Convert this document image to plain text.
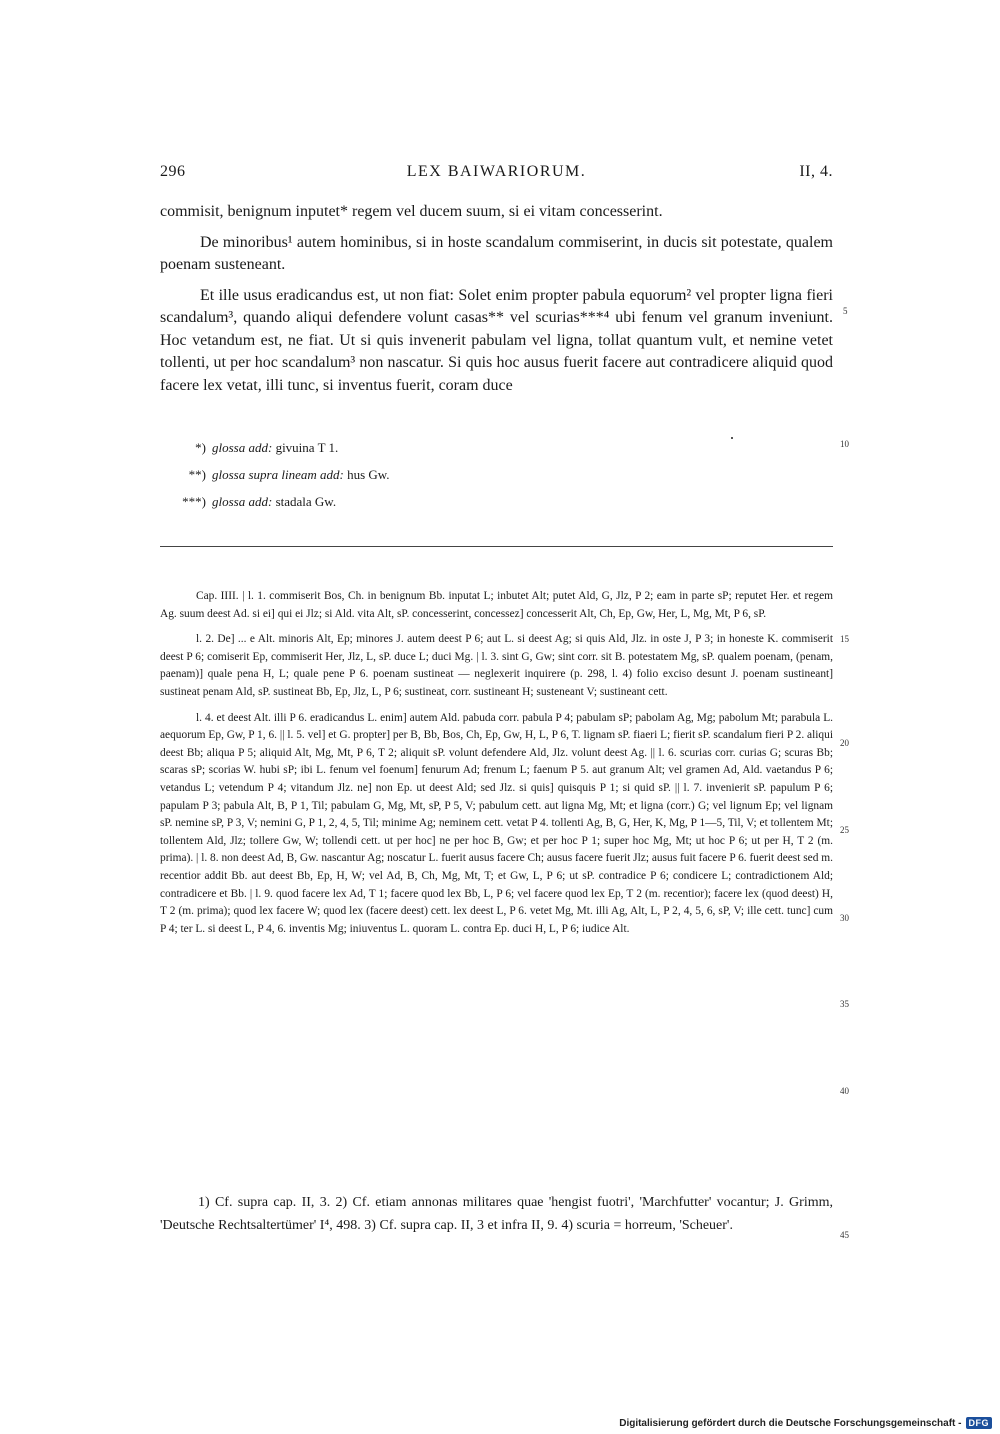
296	LEX BAIWARIORUM.	II, 4.

commisit, benignum inputet* regem vel ducem suum, si ei vitam concesserint.

De minoribus¹ autem hominibus, si in hoste scandalum commiserint, in ducis sit potestate, qualem poenam susteneant.

Et ille usus eradicandus est, ut non fiat: Solet enim propter pabula equorum² vel propter ligna fieri scandalum³, quando aliqui defendere volunt casas** vel scurias***⁴ ubi fenum vel granum inveniunt. Hoc vetandum est, ne fiat. Ut si quis invenerit pabulam vel ligna, tollat quantum vult, et nemine vetet tollenti, ut per hoc scandalum³ non nascatur. Si quis hoc ausus fuerit facere aut contradicere aliquid quod facere lex vetat, illi tunc, si inventus fuerit, coram duce

5
10
15
20
25
30
35
40
45
*) glossa add: givuina T 1.
**) glossa supra lineam add: hus Gw.
***) glossa add: stadala Gw.

Cap. IIII. | l. 1. commiserit Bos, Ch. in benignum Bb. inputat L; inbutet Alt; putet Ald, G, Jlz, P 2; eam in parte sP; reputet Her. et regem Ag. suum deest Ad. si ei] qui ei Jlz; si Ald. vita Alt, sP. concesserint, concessez] concesserit Alt, Ch, Ep, Gw, Her, L, Mg, Mt, P 6, sP.

l. 2. De] ... e Alt. minoris Alt, Ep; minores J. autem deest P 6; aut L. si deest Ag; si quis Ald, Jlz. in oste J, P 3; in honeste K. commiserit deest P 6; comiserit Ep, commiserit Her, Jlz, L, sP. duce L; duci Mg. | l. 3. sint G, Gw; sint corr. sit B. potestatem Mg, sP. qualem poenam, (penam, paenam)] quale pena H, L; quale pene P 6. poenam sustineat — neglexerit inquirere (p. 298, l. 4) folio exciso desunt J. poenam sustineant] sustineat penam Ald, sP. sustineat Bb, Ep, Jlz, L, P 6; sustineat, corr. sustineant H; susteneant V; sustineant cett.

l. 4. et deest Alt. illi P 6. eradicandus L. enim] autem Ald. pabuda corr. pabula P 4; pabulam sP; pabolam Ag, Mg; pabolum Mt; parabula L. aequorum Ep, Gw, P 1, 6. || l. 5. vel] et G. propter] per B, Bb, Bos, Ch, Ep, Gw, H, L, P 6, T. lignam sP. fiaeri L; fierit sP. scandalum fieri P 2. aliqui deest Bb; aliqua P 5; aliquid Alt, Mg, Mt, P 6, T 2; aliquit sP. volunt defendere Ald, Jlz. volunt deest Ag. || l. 6. scurias corr. curias G; scuras Bb; scaras sP; scorias W. hubi sP; ibi L. fenum vel foenum] fenurum Ad; frenum L; faenum P 5. aut granum Alt; vel gramen Ad, Ald. vaetandus P 6; vetandus L; vetendum P 4; vitandum Jlz. ne] non Ep. ut deest Ald; sed Jlz. si quis] quisquis P 1; si quid sP. || l. 7. invenierit sP. papulum P 6; papulam P 3; pabula Alt, B, P 1, Til; pabulam G, Mg, Mt, sP, P 5, V; pabulum cett. aut ligna Mg, Mt; et ligna (corr.) G; vel lignum Ep; vel lignam sP. nemine sP, P 3, V; nemini G, P 1, 2, 4, 5, Til; minime Ag; neminem cett. vetat P 4. tollenti Ag, B, G, Her, K, Mg, P 1—5, Til, V; et tollentem Mt; tollentem Ald, Jlz; tollere Gw, W; tollendi cett. ut per hoc] ne per hoc B, Gw; et per hoc P 1; super hoc Mg, Mt; ut hoc P 6; ut per H, T 2 (m. prima). | l. 8. non deest Ad, B, Gw. nascantur Ag; noscatur L. fuerit ausus facere Ch; ausus facere fuerit Jlz; ausus fuit facere P 6. fuerit deest sed m. recentior addit Bb. aut deest Bb, Ep, H, W; vel Ad, B, Ch, Mg, Mt, T; et Gw, L, P 6; ut sP. contradice P 6; condicere L; contradictionem Ald; contradicere et Bb. | l. 9. quod facere lex Ad, T 1; facere quod lex Bb, L, P 6; vel facere quod lex Ep, T 2 (m. recentior); facere lex (quod deest) H, T 2 (m. prima); quod lex facere W; quod lex (facere deest) cett. lex deest L, P 6. vetet Mg, Mt. illi Ag, Alt, L, P 2, 4, 5, 6, sP, V; ille cett. tunc] cum P 4; ter L. si deest L, P 4, 6. inventis Mg; iniuventus L. quoram L. contra Ep. duci H, L, P 6; iudice Alt.

1) Cf. supra cap. II, 3. 2) Cf. etiam annonas militares quae 'hengist fuotri', 'Marchfutter' vocantur; J. Grimm, 'Deutsche Rechtsaltertümer' I⁴, 498. 3) Cf. supra cap. II, 3 et infra II, 9. 4) scuria = horreum, 'Scheuer'.

Digitalisierung gefördert durch die Deutsche Forschungsgemeinschaft - DFG
